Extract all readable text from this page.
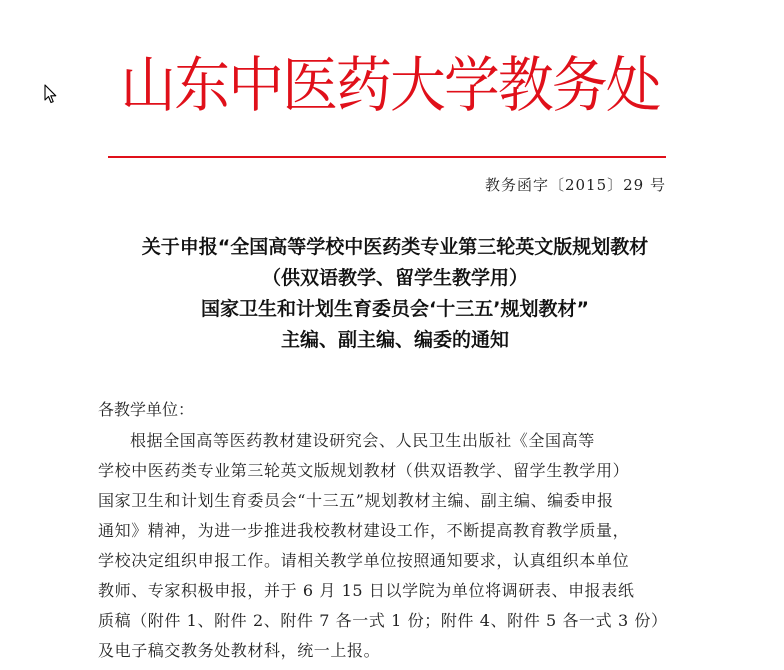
山东中医药大学教务处
教务函字〔2015〕29 号
关于申报“全国高等学校中医药类专业第三轮英文版规划教材
（供双语教学、留学生教学用）
国家卫生和计划生育委员会‘十三五’规划教材”
主编、副主编、编委的通知
各教学单位：
根据全国高等医药教材建设研究会、人民卫生出版社《全国高等
学校中医药类专业第三轮英文版规划教材（供双语教学、留学生教学用）
国家卫生和计划生育委员会“十三五”规划教材主编、副主编、编委申报
通知》精神，为进一步推进我校教材建设工作，不断提高教育教学质量，
学校决定组织申报工作。请相关教学单位按照通知要求，认真组织本单位
教师、专家积极申报，并于 6 月 15 日以学院为单位将调研表、申报表纸
质稿（附件 1、附件 2、附件 7 各一式 1 份；附件 4、附件 5 各一式 3 份）
及电子稿交教务处教材科，统一上报。
